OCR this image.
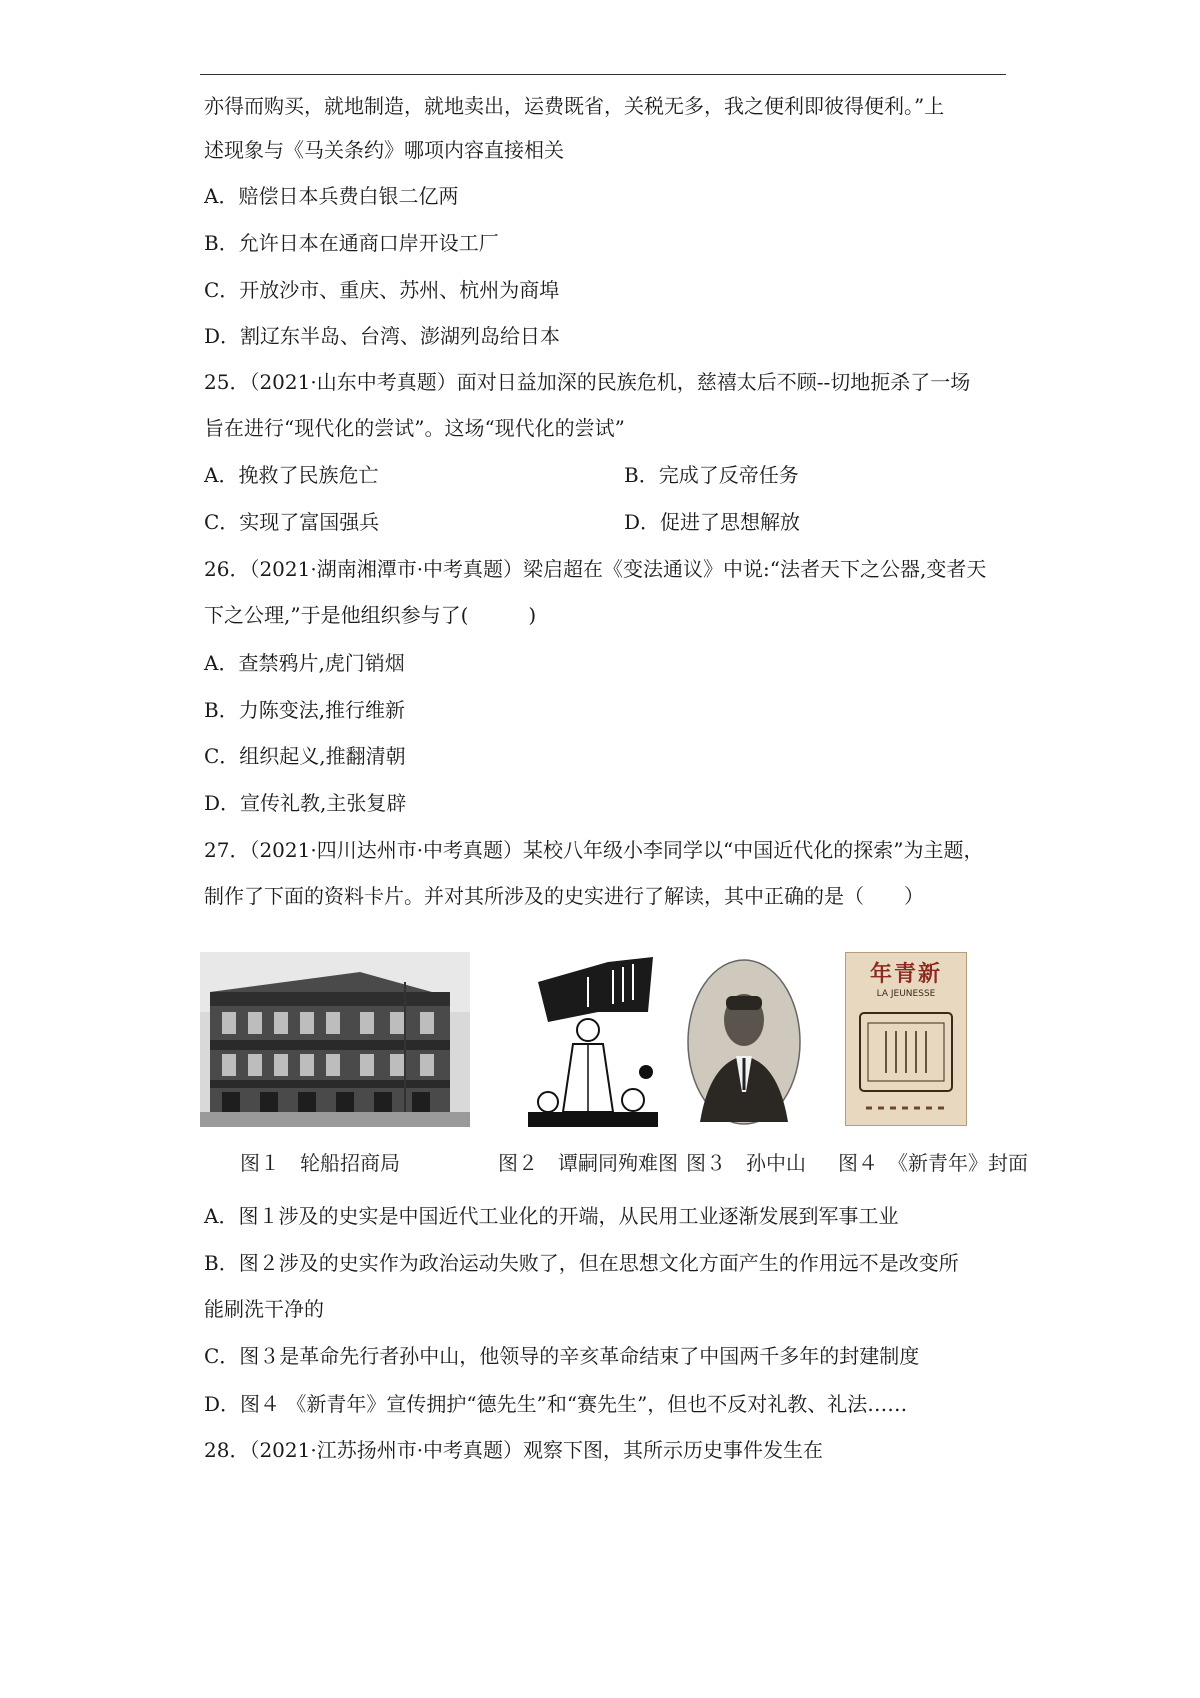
亦得而购买，就地制造，就地卖出，运费既省，关税无多，我之便利即彼得便利。”上
述现象与《马关条约》哪项内容直接相关
A．赔偿日本兵费白银二亿两
B．允许日本在通商口岸开设工厂
C．开放沙市、重庆、苏州、杭州为商埠
D．割辽东半岛、台湾、澎湖列岛给日本
25．（2021·山东中考真题）面对日益加深的民族危机，慈禧太后不顾--切地扼杀了一场
旨在进行“现代化的尝试”。这场“现代化的尝试”
A．挽救了民族危亡	B．完成了反帝任务
C．实现了富国强兵	D．促进了思想解放
26．（2021·湖南湘潭市·中考真题）梁启超在《变法通议》中说:“法者天下之公器,变者天
下之公理,”于是他组织参与了(　　　)
A．查禁鸦片,虎门销烟
B．力陈变法,推行维新
C．组织起义,推翻清朝
D．宣传礼教,主张复辟
27．（2021·四川达州市·中考真题）某校八年级小李同学以“中国近代化的探索”为主题，
制作了下面的资料卡片。并对其所涉及的史实进行了解读，其中正确的是（　　）
年青新
LA JEUNESSE
图１　轮船招商局	图２　谭嗣同殉难图 图３　孙中山 图４　《新青年》封面
A．图１涉及的史实是中国近代工业化的开端，从民用工业逐渐发展到军事工业
B．图２涉及的史实作为政治运动失败了，但在思想文化方面产生的作用远不是改变所
能刷洗干净的
C．图３是革命先行者孙中山，他领导的辛亥革命结束了中国两千多年的封建制度
D．图４ 《新青年》宣传拥护“德先生”和“赛先生”，但也不反对礼教、礼法……
28．（2021·江苏扬州市·中考真题）观察下图，其所示历史事件发生在
